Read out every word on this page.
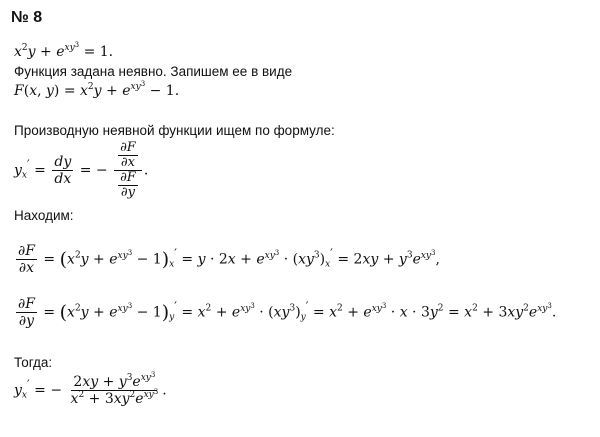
№ 8
$x^2y + e^{xy^3} = 1$.
Функция задана неявно. Запишем ее в виде
F(x, $y) = x^2y + e^{xy^3} - 1$.
Производную неявной функции ищем по формуле:
$y_x' = \frac{dy}{dx}$ = − $\frac{\frac{\partial F}{\partial x}}{\frac{\partial F}{\partial y}}$ .
Находим:
$\frac{\partial F}{\partial x} = (x^2y + e^{xy^3} - 1)_x' = y \cdot 2x + e^{xy^3} \cdot (xy^3)_x' = 2xy + y^3e^{xy^3}$,
$\frac{\partial F}{\partial y} = (x^2y + e^{xy^3} - 1)_y' = x^2 + e^{xy^3} \cdot (xy^3)_y' = x^2 + e^{xy^3} \cdot x \cdot 3y^2 = x^2 + 3xy^2e^{xy^3}$.
Тогда:
$y_x'$ = − $\frac{2xy + y^3e^{xy^3}}{x^2 + 3xy^2e^{xy^3}}$ .
